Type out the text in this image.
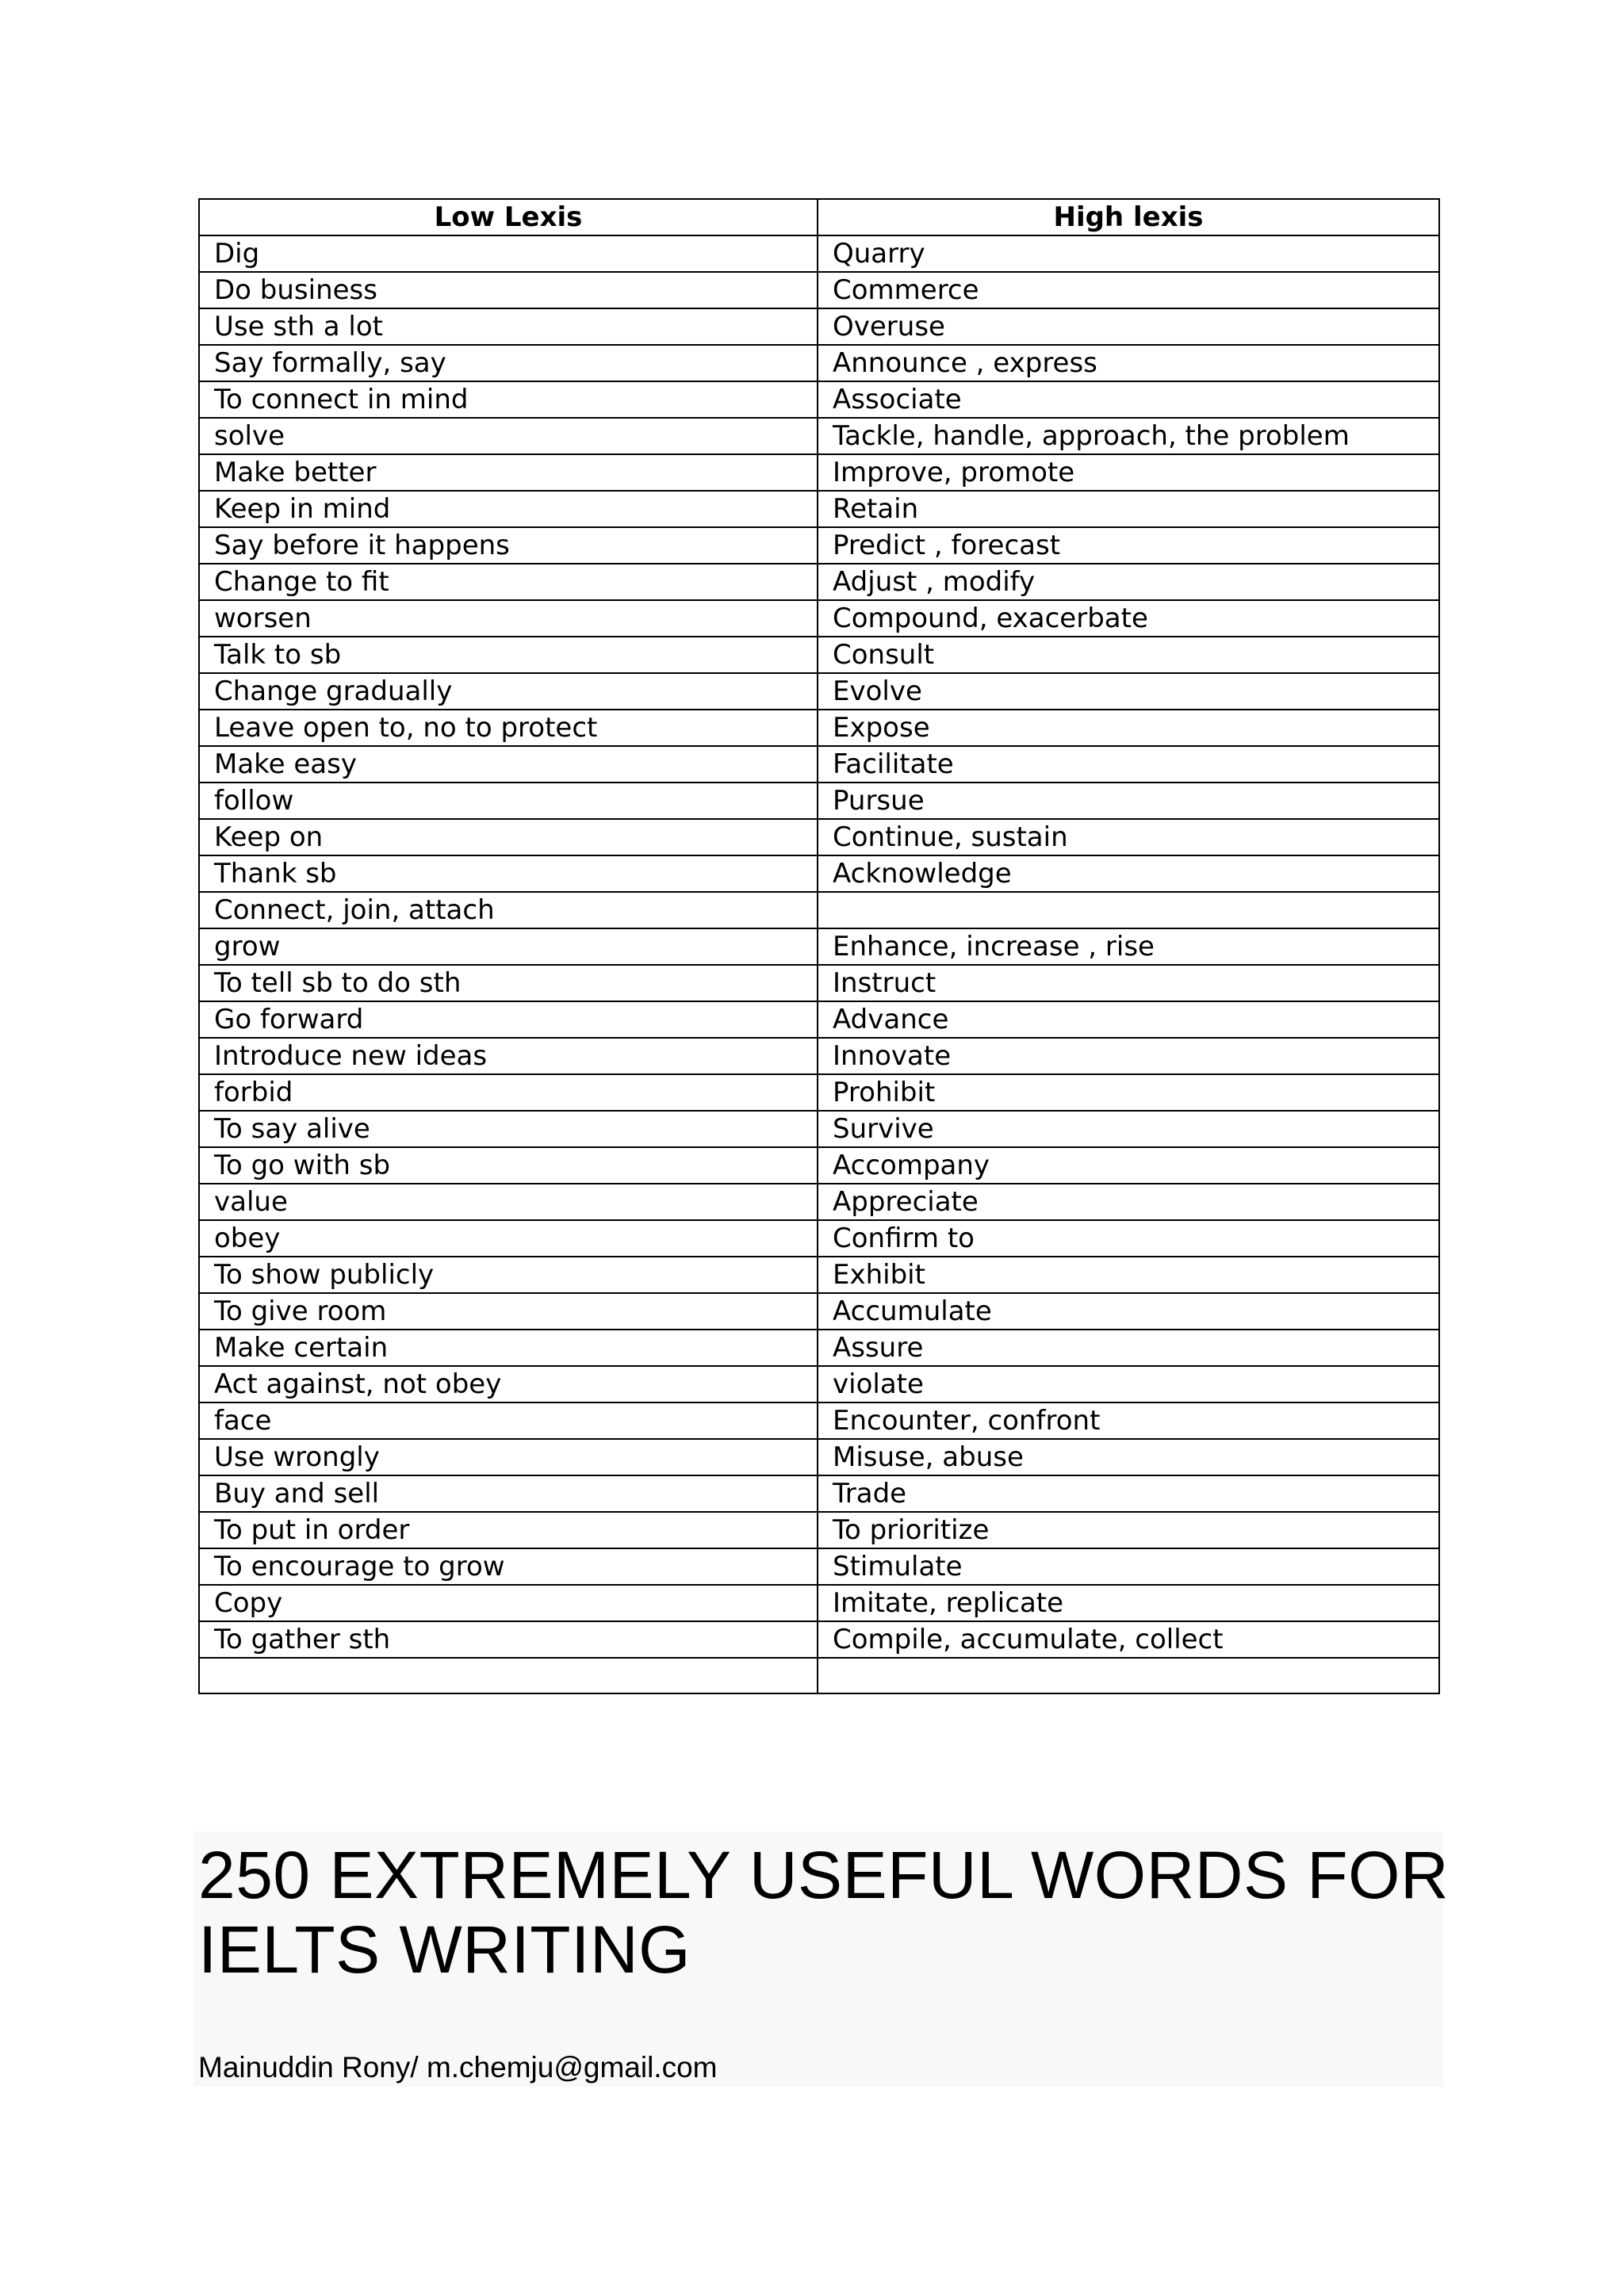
Low Lexis	High lexis
Dig	Quarry
Do business	Commerce
Use sth a lot	Overuse
Say formally, say	Announce , express
To connect in mind	Associate
solve	Tackle, handle, approach, the problem
Make better	Improve, promote
Keep in mind	Retain
Say before it happens	Predict , forecast
Change to fit	Adjust , modify
worsen	Compound, exacerbate
Talk to sb	Consult
Change gradually	Evolve
Leave open to, no to protect	Expose
Make easy	Facilitate
follow	Pursue
Keep on	Continue, sustain
Thank sb	Acknowledge
Connect, join, attach	
grow	Enhance, increase , rise
To tell sb to do sth	Instruct
Go forward	Advance
Introduce new ideas	Innovate
forbid	Prohibit
To say alive	Survive
To go with sb	Accompany
value	Appreciate
obey	Confirm to
To show publicly	Exhibit
To give room	Accumulate
Make certain	Assure
Act against, not obey	violate
face	Encounter, confront
Use wrongly	Misuse, abuse
Buy and sell	Trade
To put in order	To prioritize
To encourage to grow	Stimulate
Copy	Imitate, replicate
To gather sth	Compile, accumulate, collect

250 EXTREMELY USEFUL WORDS FOR
IELTS WRITING

Mainuddin Rony/ m.chemju@gmail.com
